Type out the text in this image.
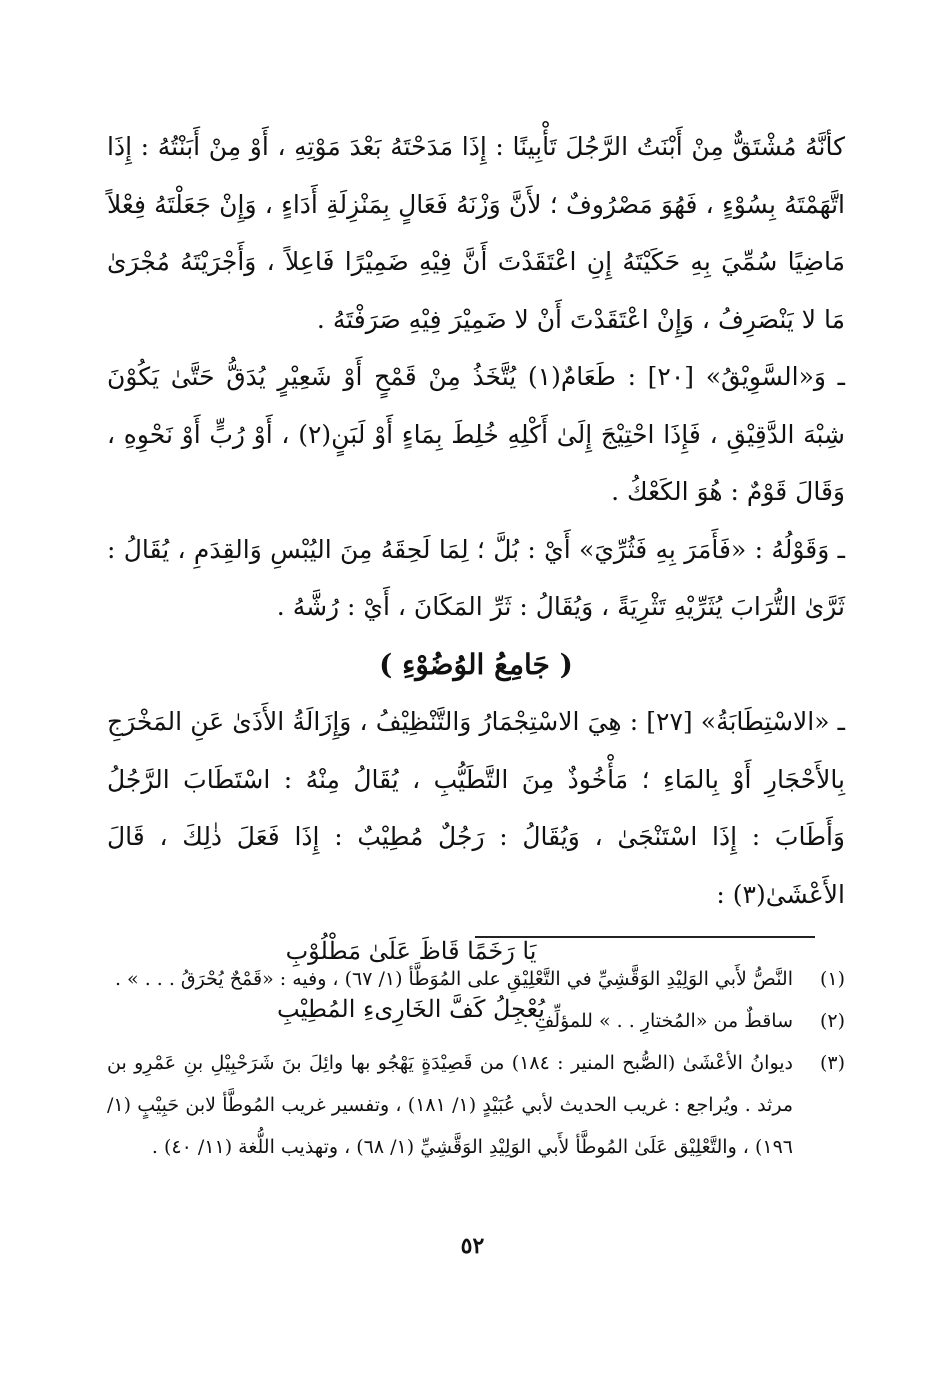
كأنَّهُ مُشْتَقٌّ مِنْ أَبْنَتُ الرَّجُلَ تَأْبِينًا : إِذَا مَدَحْتَهُ بَعْدَ مَوْتِهِ ، أَوْ مِنْ أَبَنْتُهُ : إِذَا اتَّهَمْتَهُ بِسُوْءٍ ، فَهُوَ مَصْرُوفٌ ؛ لأَنَّ وَزْنَهُ فَعَالٍ بِمَنْزِلَةِ أَدَاءٍ ، وَإِنْ جَعَلْتَهُ فِعْلاً مَاضِيًا سُمِّيَ بِهِ حَكَيْتَهُ إِنِ اعْتَقَدْتَ أَنَّ فِيْهِ ضَمِيْرًا فَاعِلاً ، وَأَجْرَيْتَهُ مُجْرَىٰ مَا لا يَنْصَرِفُ ، وَإِنْ اعْتَقَدْتَ أَنْ لا ضَمِيْرَ فِيْهِ صَرَفْتَهُ .

ـ وَ«السَّوِيْقُ» [٢٠] : طَعَامٌ(١) يُتَّخَذُ مِنْ قَمْحٍ أَوْ شَعِيْرٍ يُدَقُّ حَتَّىٰ يَكُوْنَ شِبْهَ الدَّقِيْقِ ، فَإِذَا احْتِيْجَ إِلَىٰ أَكْلِهِ خُلِطَ بِمَاءٍ أَوْ لَبَنٍ(٢) ، أَوْ رُبٍّ أَوْ نَحْوِهِ ، وَقَالَ قَوْمٌ : هُوَ الكَعْكُ .

ـ وَقَوْلُهُ : «فَأَمَرَ بِهِ فَثُرِّيَ» أَيْ : بُلَّ ؛ لِمَا لَحِقَهُ مِنَ اليُبْسِ وَالقِدَمِ ، يُقَالُ : ثَرَّىٰ التُّرَابَ يُثَرِّيْهِ تَثْرِيَةً ، وَيُقَالُ : ثَرِّ المَكَانَ ، أَيْ : رُشَّهُ .

( جَامِعُ الوُضُوْءِ )

ـ «الاسْتِطَابَةُ» [٢٧] : هِيَ الاسْتِجْمَارُ وَالتَّنْظِيْفُ ، وَإِزَالَةُ الأَذَىٰ عَنِ المَخْرَجِ بِالأَحْجَارِ أَوْ بِالمَاءِ ؛ مَأْخُوذٌ مِنَ التَّطَيُّبِ ، يُقَالُ مِنْهُ : اسْتَطَابَ الرَّجُلُ وَأَطَابَ : إِذَا اسْتَنْجَىٰ ، وَيُقَالُ : رَجُلٌ مُطِيْبٌ : إِذَا فَعَلَ ذٰلِكَ ، قَالَ الأَعْشَىٰ(٣) :

يَا رَخَمًا قَاظَ عَلَىٰ مَطْلُوْبِ

يُعْجِلُ كَفَّ الخَارِىءِ المُطِيْبِ

(١)
النَّصُّ لأَبي الوَلِيْدِ الوَقَّشِيِّ في التَّعْلِيْقِ على المُوَطَّأ (١/ ٦٧) ، وفيه : «قَمْحٌ يُحْرَقُ . . . » .
(٢)
ساقطٌ من «المُختارِ . . » للمؤلِّفِ .
(٣)
ديوانُ الأعْشَىٰ (الصُّبح المنير : ١٨٤) من قَصِيْدَةٍ يَهْجُو بها وائِلَ بنَ شَرَحْبِيْلِ بنِ عَمْرِو بن مرثد . ويُراجع : غريب الحديث لأبي عُبَيْدٍ (١/ ١٨١) ، وتفسير غريب المُوطَّأ لابن حَبِيْبٍ (١/ ١٩٦) ، والتَّعْلِيْق عَلَىٰ المُوطَّأ لأَبي الوَلِيْدِ الوَقَّشِيِّ (١/ ٦٨) ، وتهذيب اللُّغة (١١/ ٤٠) .
٥٢
